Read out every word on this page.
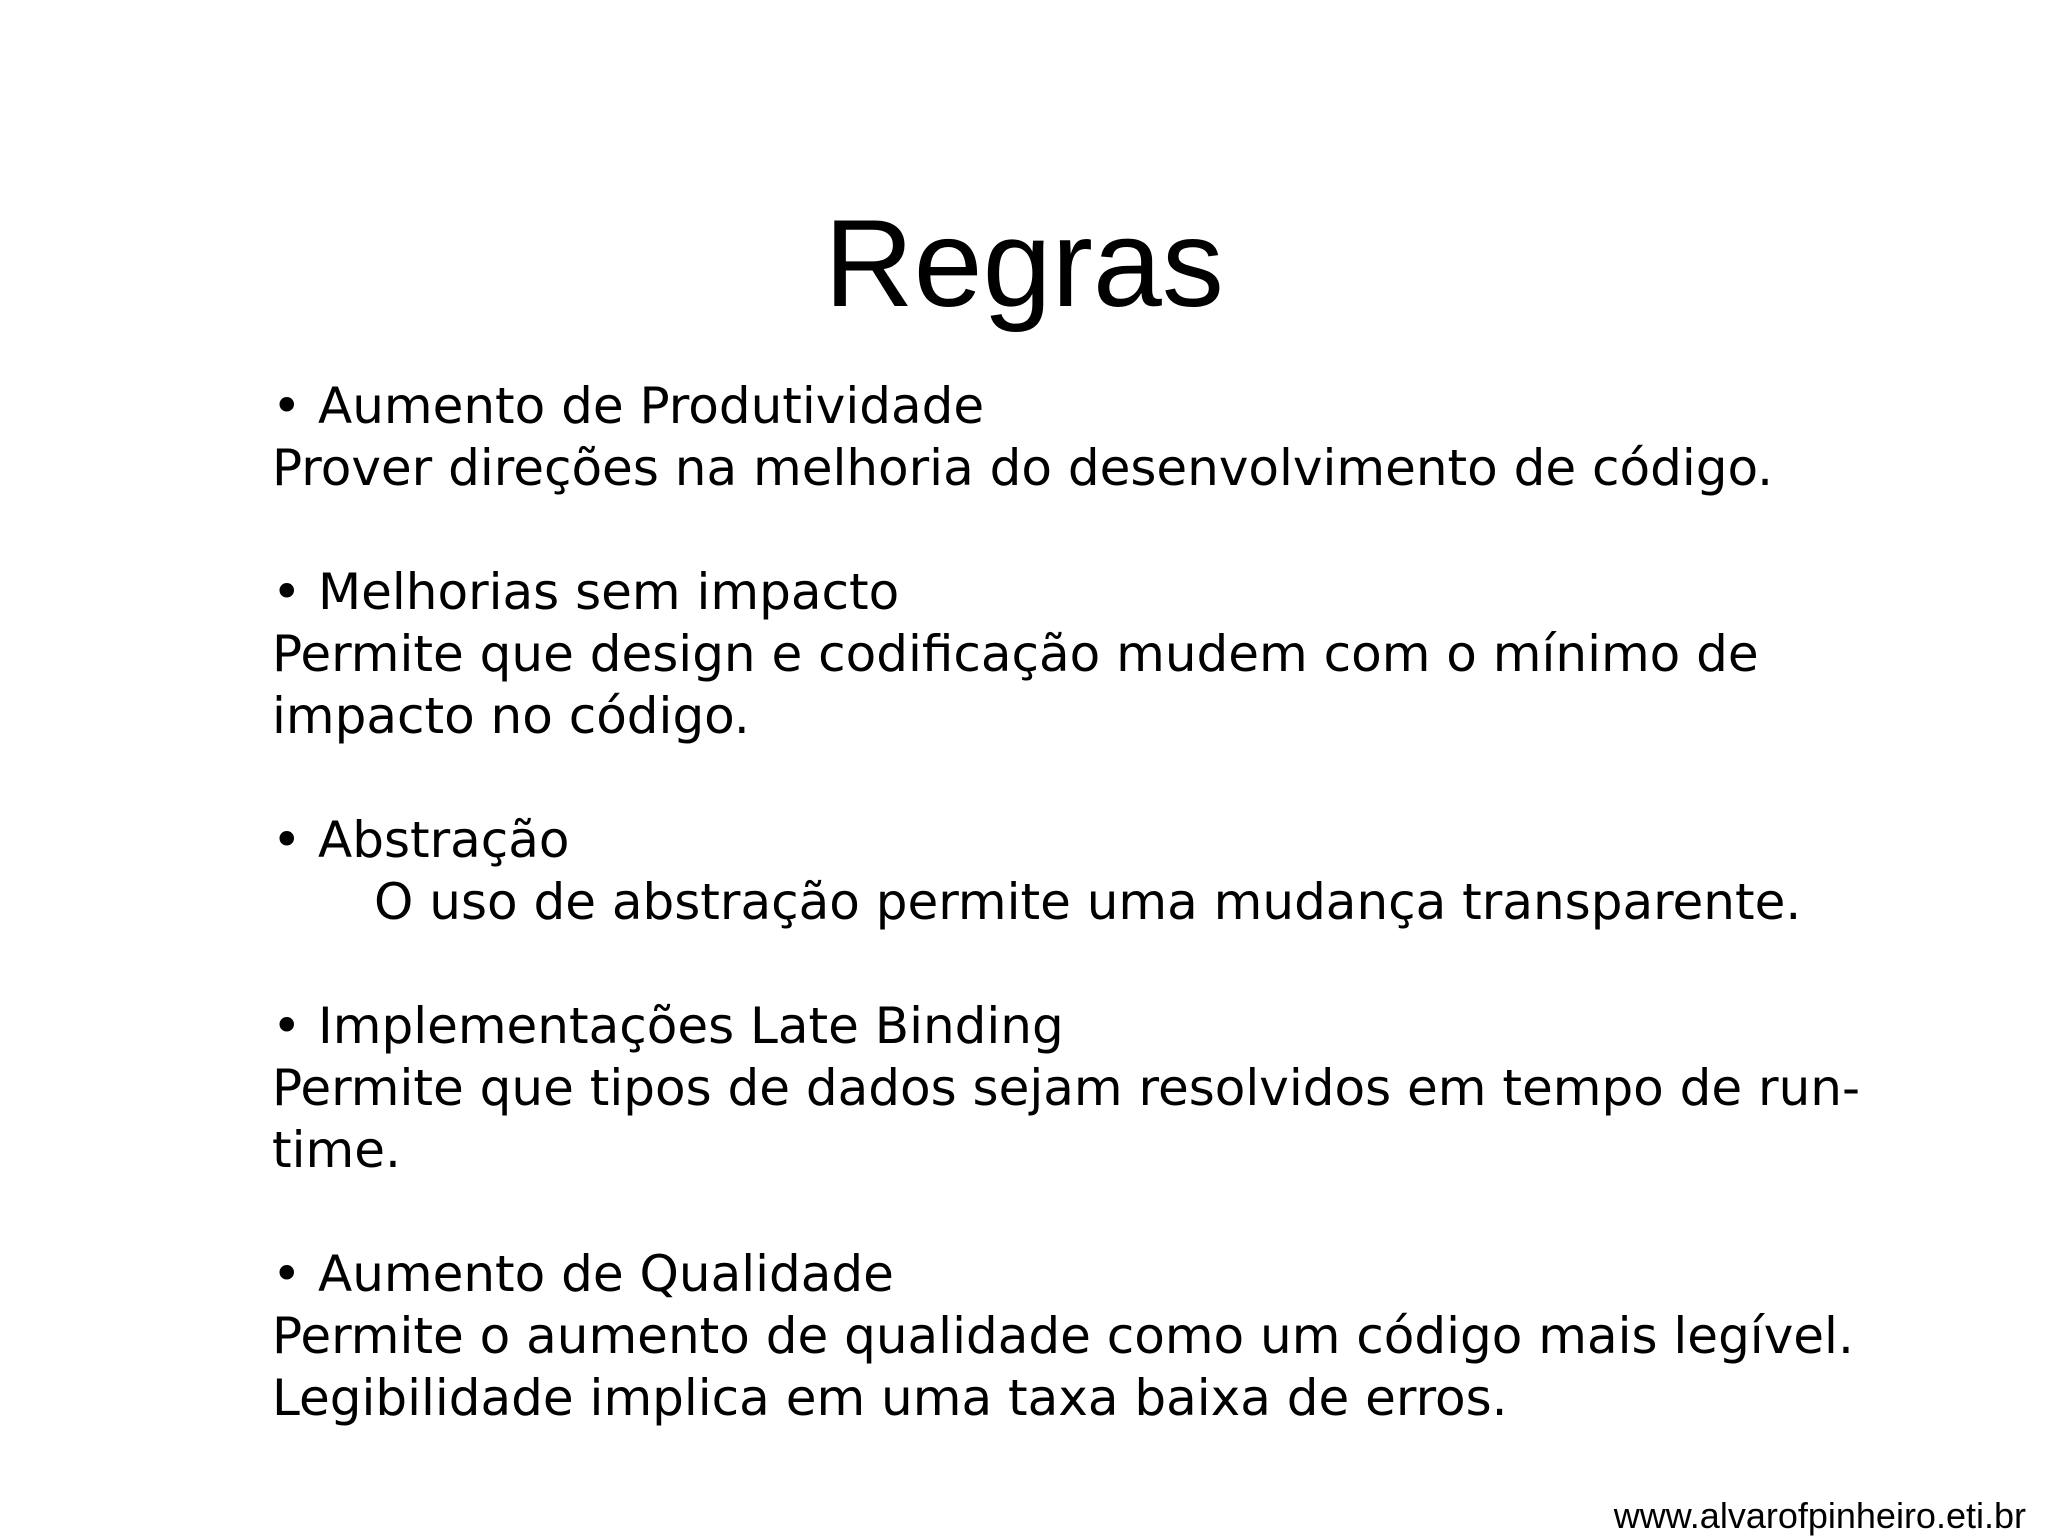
Regras
• Aumento de Produtividade
Prover direções na melhoria do desenvolvimento de código.
• Melhorias sem impacto
Permite que design e codificação mudem com o mínimo de impacto no código.
• Abstração
O uso de abstração permite uma mudança transparente.
• Implementações Late Binding
Permite que tipos de dados sejam resolvidos em tempo de run-time.
• Aumento de Qualidade
Permite o aumento de qualidade como um código mais legível. Legibilidade implica em uma taxa baixa de erros.
www.alvarofpinheiro.eti.br
